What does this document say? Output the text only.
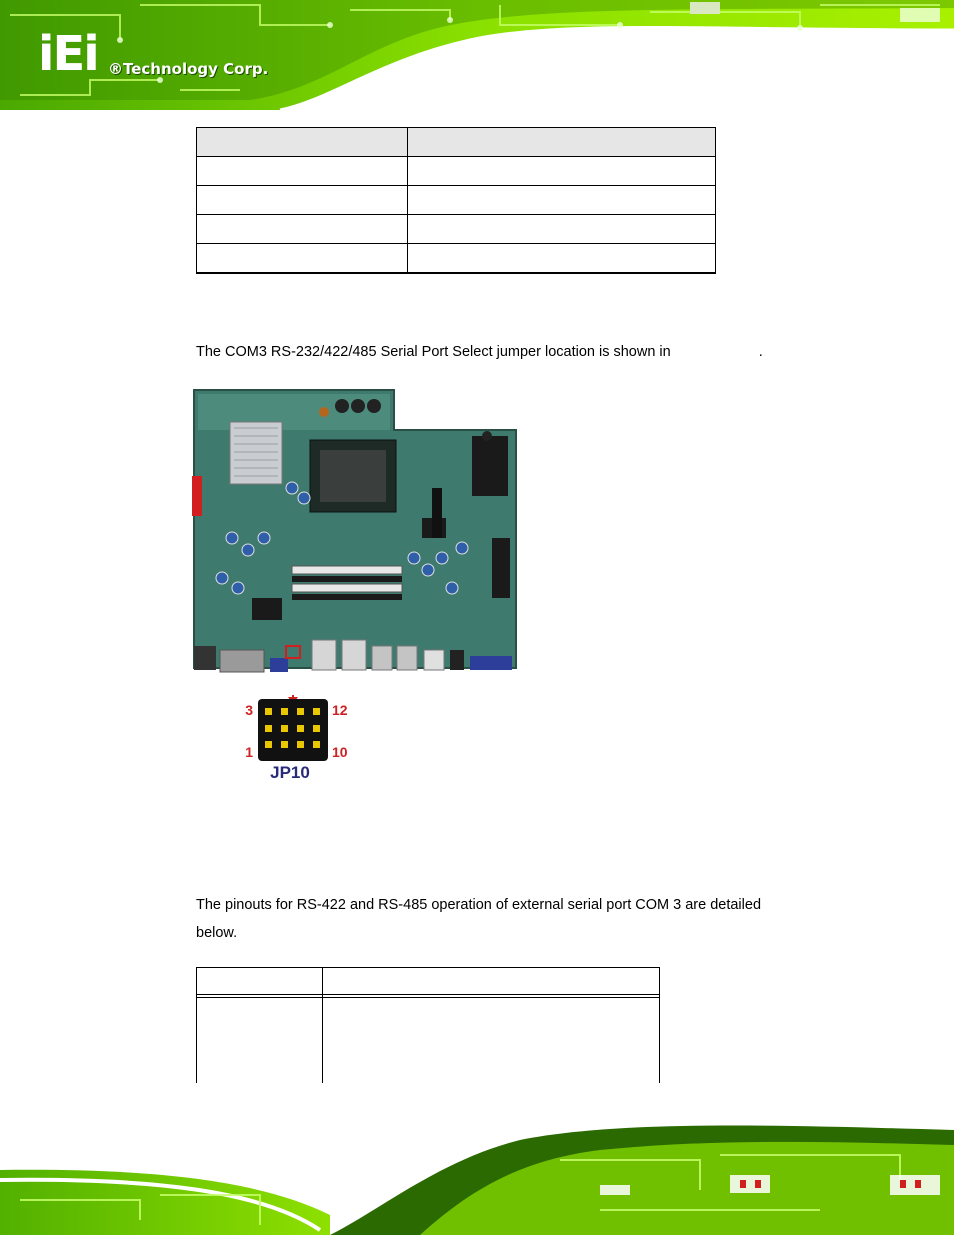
iEi ®Technology Corp.

The COM3 RS-232/422/485 Serial Port Select jumper location is shown in	.
3	12
1	10
JP10
The pinouts for RS-422 and RS-485 operation of external serial port COM 3 are detailed
below.
